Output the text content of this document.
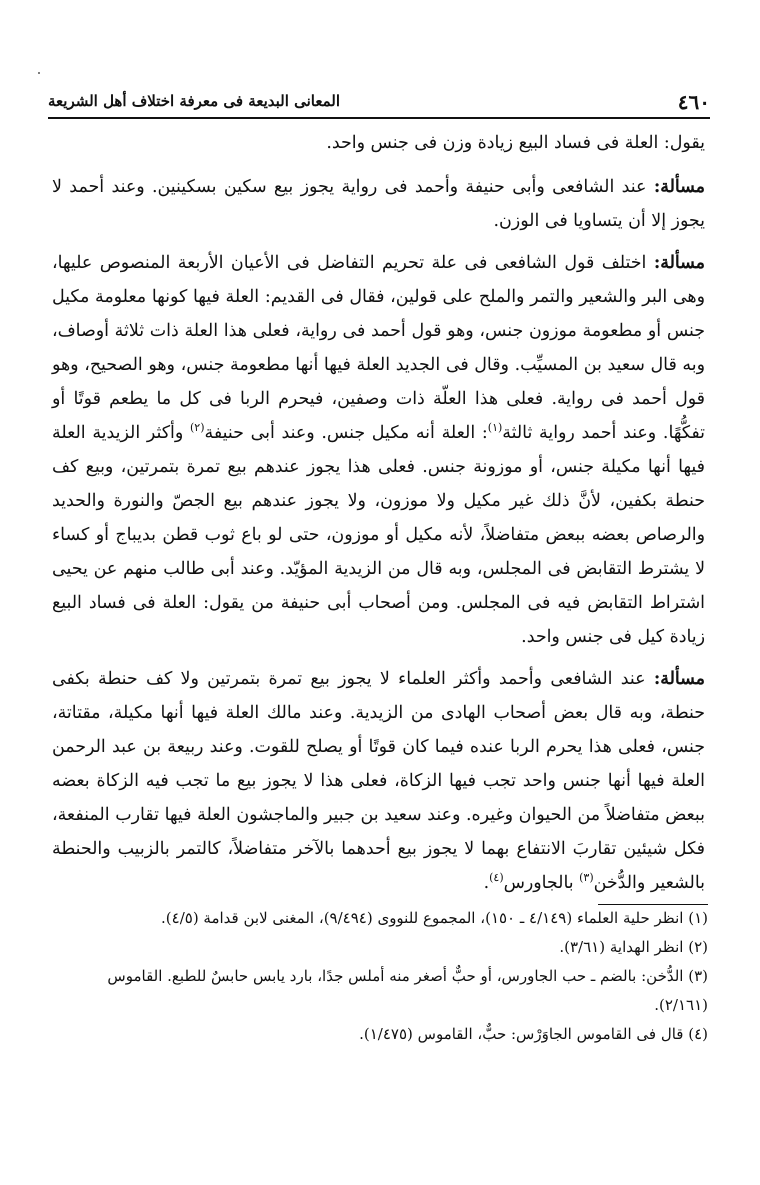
٤٦٠
المعانى البديعة فى معرفة اختلاف أهل الشريعة

يقول: العلة فى فساد البيع زيادة وزن فى جنس واحد.

مسألة: عند الشافعى وأبى حنيفة وأحمد فى رواية يجوز بيع سكين بسكينين. وعند أحمد لا يجوز إلا أن يتساويا فى الوزن.

مسألة: اختلف قول الشافعى فى علة تحريم التفاضل فى الأعيان الأربعة المنصوص عليها، وهى البر والشعير والتمر والملح على قولين، فقال فى القديم: العلة فيها كونها معلومة مكيل جنس أو مطعومة موزون جنس، وهو قول أحمد فى رواية، فعلى هذا العلة ذات ثلاثة أوصاف، وبه قال سعيد بن المسيِّب. وقال فى الجديد العلة فيها أنها مطعومة جنس، وهو الصحيح، وهو قول أحمد فى رواية. فعلى هذا العلّة ذات وصفين، فيحرم الربا فى كل ما يطعم قوتًا أو تفكُّهًا. وعند أحمد رواية ثالثة$^{(١)}$: العلة أنه مكيل جنس. وعند أبى حنيفة$^{(٢)}$ وأكثر الزيدية العلة فيها أنها مكيلة جنس، أو موزونة جنس. فعلى هذا يجوز عندهم بيع تمرة بتمرتين، وبيع كف حنطة بكفين، لأنَّ ذلك غير مكيل ولا موزون، ولا يجوز عندهم بيع الجصّ والنورة والحديد والرصاص بعضه ببعض متفاضلاً، لأنه مكيل أو موزون، حتى لو باع ثوب قطن بديباج أو كساء لا يشترط التقابض فى المجلس، وبه قال من الزيدية المؤيّد. وعند أبى طالب منهم عن يحيى اشتراط التقابض فيه فى المجلس. ومن أصحاب أبى حنيفة من يقول: العلة فى فساد البيع زيادة كيل فى جنس واحد.

مسألة: عند الشافعى وأحمد وأكثر العلماء لا يجوز بيع تمرة بتمرتين ولا كف حنطة بكفى حنطة، وبه قال بعض أصحاب الهادى من الزيدية. وعند مالك العلة فيها أنها مكيلة، مقتاتة، جنس، فعلى هذا يحرم الربا عنده فيما كان قوتًا أو يصلح للقوت. وعند ربيعة بن عبد الرحمن العلة فيها أنها جنس واحد تجب فيها الزكاة، فعلى هذا لا يجوز بيع ما تجب فيه الزكاة بعضه ببعض متفاضلاً من الحيوان وغيره. وعند سعيد بن جبير والماجشون العلة فيها تقارب المنفعة، فكل شيئين تقاربَ الانتفاع بهما لا يجوز بيع أحدهما بالآخر متفاضلاً، كالتمر بالزبيب والحنطة بالشعير والدُّخن$^{(٣)}$ بالجاورس$^{(٤)}$.

(١) انظر حلية العلماء (٤/١٤٩ ـ ١٥٠)، المجموع للنووى (٩/٤٩٤)، المغنى لابن قدامة (٤/٥).
(٢) انظر الهداية (٣/٦١).
(٣) الدُّخن: بالضم ـ حب الجاورس، أو حبٌّ أصغر منه أملس جدًا، بارد يابس حابسٌ للطبع. القاموس (٢/١٦١).
(٤) قال فى القاموس الجاوَرْس: حبٌّ، القاموس (١/٤٧٥).
